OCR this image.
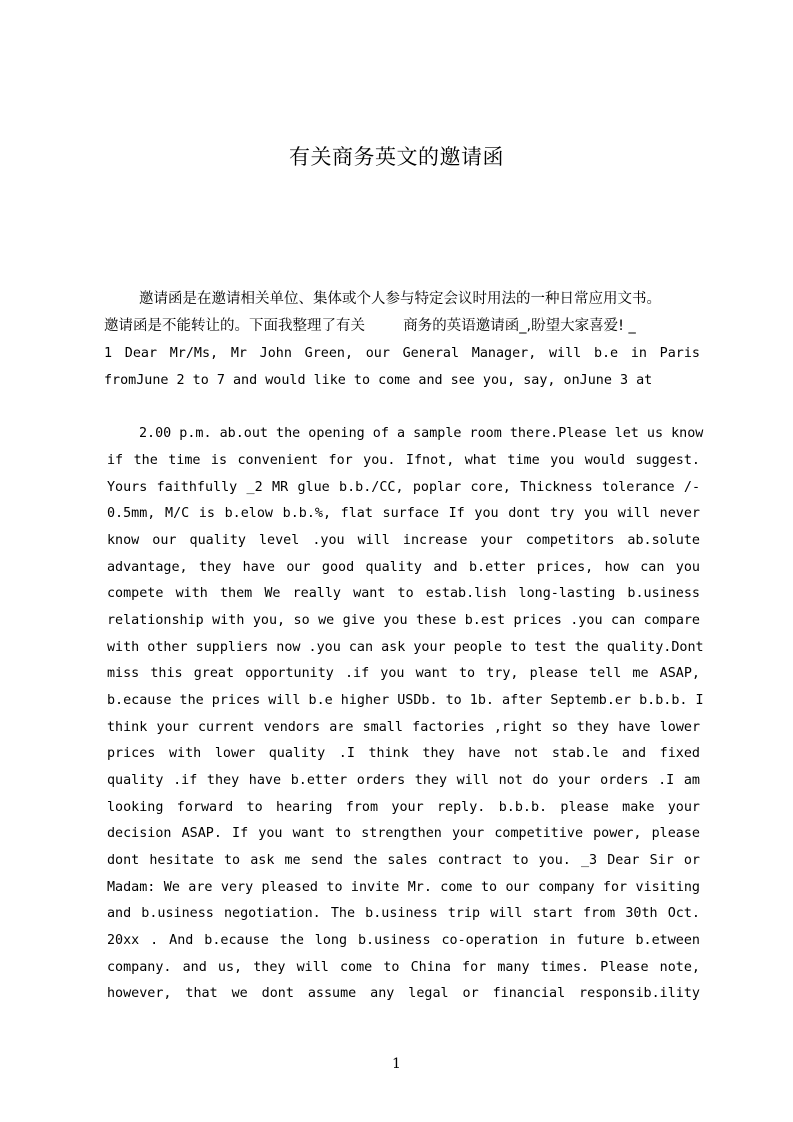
有关商务英文的邀请函
邀请函是在邀请相关单位、集体或个人参与特定会议时用法的一种日常应用文书。
邀请函是不能转让的。下面我整理了有关 　　 商务的英语邀请函_,盼望大家喜爱! _
1 Dear Mr/Ms, Mr John Green, our General Manager, will b.e in Paris
fromJune 2 to 7 and would like to come and see you, say, onJune 3 at
2.00 p.m. ab.out the opening of a sample room there.Please let us know
if the time is convenient for you. Ifnot, what time you would suggest.
Yours faithfully _2 MR glue b.b./CC, poplar core, Thickness tolerance /-
0.5mm, M/C is b.elow b.b.%, flat surface If you dont try you will never
know our quality level .you will increase your competitors ab.solute
advantage, they have our good quality and b.etter prices, how can you
compete with them We really want to estab.lish long-lasting b.usiness
relationship with you, so we give you these b.est prices .you can compare
with other suppliers now .you can ask your people to test the quality.Dont
miss this great opportunity .if you want to try, please tell me ASAP,
b.ecause the prices will b.e higher USDb. to 1b. after Septemb.er b.b.b. I
think your current vendors are small factories ,right so they have lower
prices with lower quality .I think they have not stab.le and fixed
quality .if they have b.etter orders they will not do your orders .I am
looking forward to hearing from your reply. b.b.b. please make your
decision ASAP. If you want to strengthen your competitive power, please
dont hesitate to ask me send the sales contract to you. _3 Dear Sir or
Madam: We are very pleased to invite Mr. come to our company for visiting
and b.usiness negotiation. The b.usiness trip will start from 30th Oct.
20xx . And b.ecause the long b.usiness co-operation in future b.etween
company. and us, they will come to China for many times. Please note,
however, that we dont assume any legal or financial responsib.ility
1
